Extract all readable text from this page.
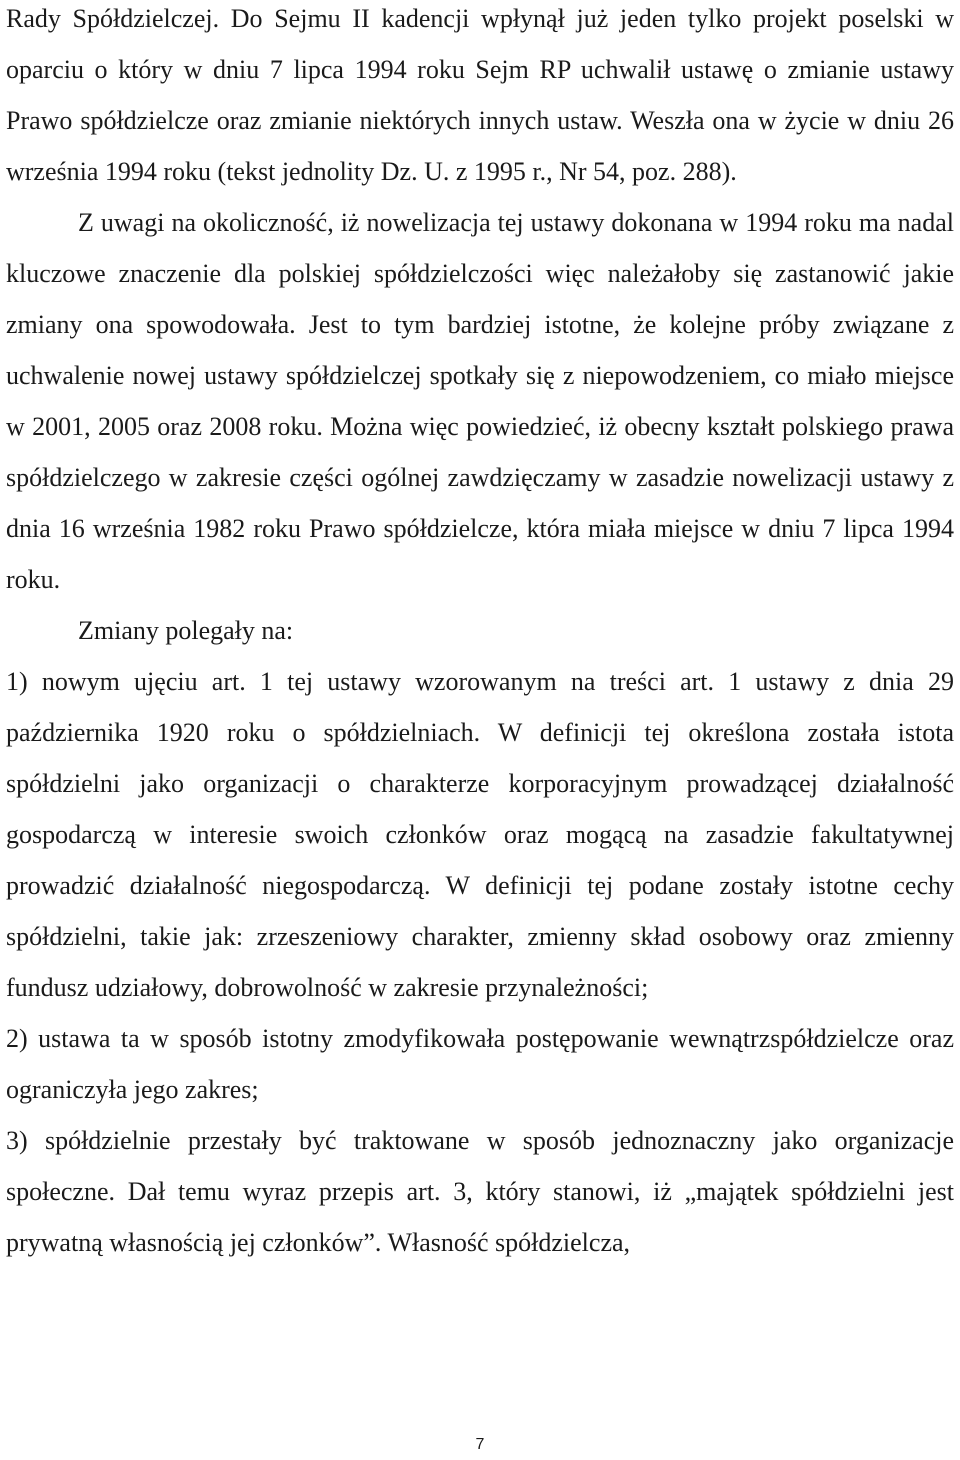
Rady Spółdzielczej. Do Sejmu II kadencji wpłynął już jeden tylko projekt poselski w oparciu o który w dniu 7 lipca 1994 roku Sejm RP uchwalił ustawę o zmianie ustawy Prawo spółdzielcze oraz zmianie niektórych innych ustaw. Weszła ona w życie w dniu 26 września 1994 roku (tekst jednolity Dz. U. z 1995 r., Nr 54, poz. 288).

Z uwagi na okoliczność, iż nowelizacja tej ustawy dokonana w 1994 roku ma nadal kluczowe znaczenie dla polskiej spółdzielczości więc należałoby się zastanowić jakie zmiany ona spowodowała. Jest to tym bardziej istotne, że kolejne próby związane z uchwalenie nowej ustawy spółdzielczej spotkały się z niepowodzeniem, co miało miejsce w 2001, 2005 oraz 2008 roku. Można więc powiedzieć, iż obecny kształt polskiego prawa spółdzielczego w zakresie części ogólnej zawdzięczamy w zasadzie nowelizacji ustawy z dnia 16 września 1982 roku Prawo spółdzielcze, która miała miejsce w dniu 7 lipca 1994 roku.

Zmiany polegały na:

1) nowym ujęciu art. 1 tej ustawy wzorowanym na treści art. 1 ustawy z dnia 29 października 1920 roku o spółdzielniach. W definicji tej określona została istota spółdzielni jako organizacji o charakterze korporacyjnym prowadzącej działalność gospodarczą w interesie swoich członków oraz mogącą na zasadzie fakultatywnej prowadzić działalność niegospodarczą. W definicji tej podane zostały istotne cechy spółdzielni, takie jak: zrzeszeniowy charakter, zmienny skład osobowy oraz zmienny fundusz udziałowy, dobrowolność w zakresie przynależności;

2) ustawa ta w sposób istotny zmodyfikowała postępowanie wewnątrzspółdzielcze oraz ograniczyła jego zakres;

3) spółdzielnie przestały być traktowane w sposób jednoznaczny jako organizacje społeczne. Dał temu wyraz przepis art. 3, który stanowi, iż „majątek spółdzielni jest prywatną własnością jej członków”. Własność spółdzielcza,

7
